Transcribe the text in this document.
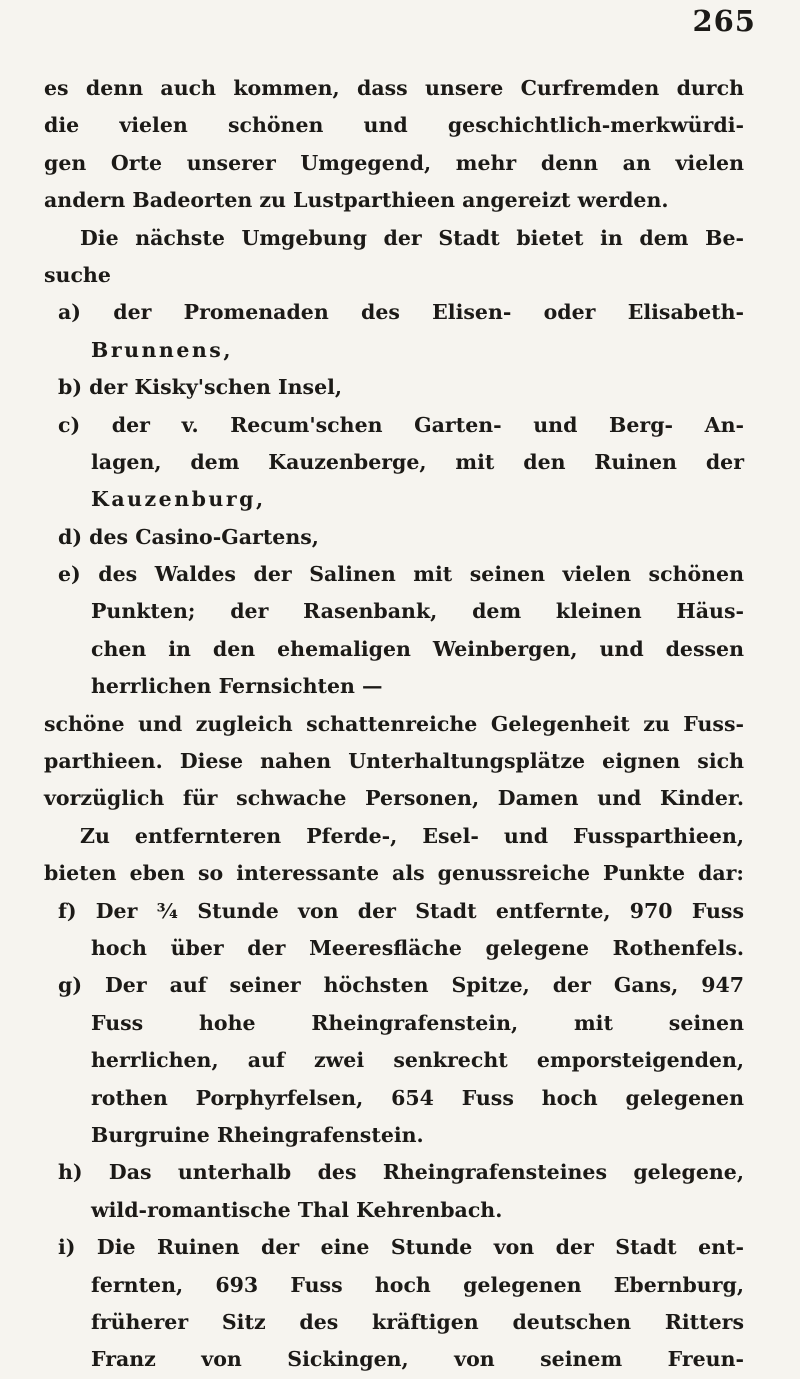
265
es denn auch kommen, dass unsere Curfremden durch
die vielen schönen und geschichtlich-merkwürdi-
gen Orte unserer Umgegend, mehr denn an vielen
andern Badeorten zu Lustparthieen angereizt werden.
Die nächste Umgebung der Stadt bietet in dem Be-
suche
a) der Promenaden des Elisen- oder Elisabeth-
Brunnens,
b) der Kisky'schen Insel,
c) der v. Recum'schen Garten- und Berg- An-
lagen, dem Kauzenberge, mit den Ruinen der
Kauzenburg,
d) des Casino-Gartens,
e) des Waldes der Salinen mit seinen vielen schönen
Punkten; der Rasenbank, dem kleinen Häus-
chen in den ehemaligen Weinbergen, und dessen
herrlichen Fernsichten —
schöne und zugleich schattenreiche Gelegenheit zu Fuss-
parthieen. Diese nahen Unterhaltungsplätze eignen sich
vorzüglich für schwache Personen, Damen und Kinder.
Zu entfernteren Pferde-, Esel- und Fussparthieen,
bieten eben so interessante als genussreiche Punkte dar:
f) Der ¾ Stunde von der Stadt entfernte, 970 Fuss
hoch über der Meeresfläche gelegene Rothenfels.
g) Der auf seiner höchsten Spitze, der Gans, 947
Fuss hohe Rheingrafenstein, mit seinen
herrlichen, auf zwei senkrecht emporsteigenden,
rothen Porphyrfelsen, 654 Fuss hoch gelegenen
Burgruine Rheingrafenstein.
h) Das unterhalb des Rheingrafensteines gelegene,
wild-romantische Thal Kehrenbach.
i) Die Ruinen der eine Stunde von der Stadt ent-
fernten, 693 Fuss hoch gelegenen Ebernburg,
früherer Sitz des kräftigen deutschen Ritters
Franz von Sickingen, von seinem Freun-
